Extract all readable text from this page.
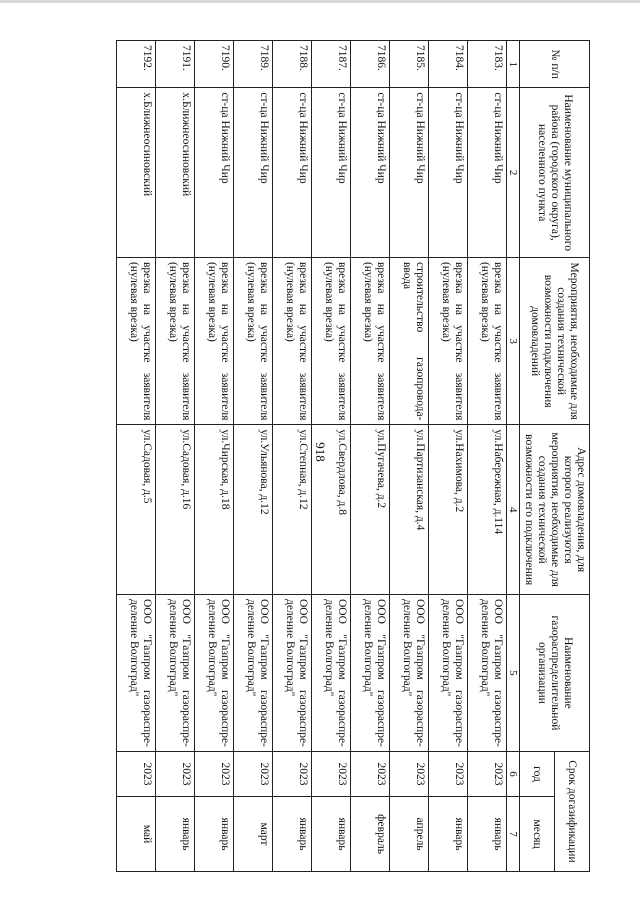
918
№ п/п	Наименование муниципального района (городского округа), населенного пункта	Мероприятия, необходимые для создания технической возможности подключения домовладений	Адрес домовладения, для которого реализуются мероприятия, необходимые для создания технической возможности его подключения	Наименование газораспределительной организации	Срок догазификации	
					год	месяц
1	2	3	4	5	6	7
7183.	ст-ца Нижний Чир	врезка на участке заявителя (нулевая врезка)	ул.Набережная, д.114	ООО "Газпром газораспре-деление Волгоград"	2023	январь
7184.	ст-ца Нижний Чир	врезка на участке заявителя (нулевая врезка)	ул.Нахимова, д.2	ООО "Газпром газораспре-деление Волгоград"	2023	январь
7185.	ст-ца Нижний Чир	строительство газопровода-ввода	ул.Партизанская, д.4	ООО "Газпром газораспре-деление Волгоград"	2023	апрель
7186.	ст-ца Нижний Чир	врезка на участке заявителя (нулевая врезка)	ул.Пугачева, д.2	ООО "Газпром газораспре-деление Волгоград"	2023	февраль
7187.	ст-ца Нижний Чир	врезка на участке заявителя (нулевая врезка)	ул.Свердлова, д.8	ООО "Газпром газораспре-деление Волгоград"	2023	январь
7188.	ст-ца Нижний Чир	врезка на участке заявителя (нулевая врезка)	ул.Степная, д.12	ООО "Газпром газораспре-деление Волгоград"	2023	январь
7189.	ст-ца Нижний Чир	врезка на участке заявителя (нулевая врезка)	ул.Ульянова, д.12	ООО "Газпром газораспре-деление Волгоград"	2023	март
7190.	ст-ца Нижний Чир	врезка на участке заявителя (нулевая врезка)	ул.Чирская, д.18	ООО "Газпром газораспре-деление Волгоград"	2023	январь
7191.	х.Ближнеосиновский	врезка на участке заявителя (нулевая врезка)	ул.Садовая, д.16	ООО "Газпром газораспре-деление Волгоград"	2023	январь
7192.	х.Ближнеосиновский	врезка на участке заявителя (нулевая врезка)	ул.Садовая, д.5	ООО "Газпром газораспре-деление Волгоград"	2023	май
